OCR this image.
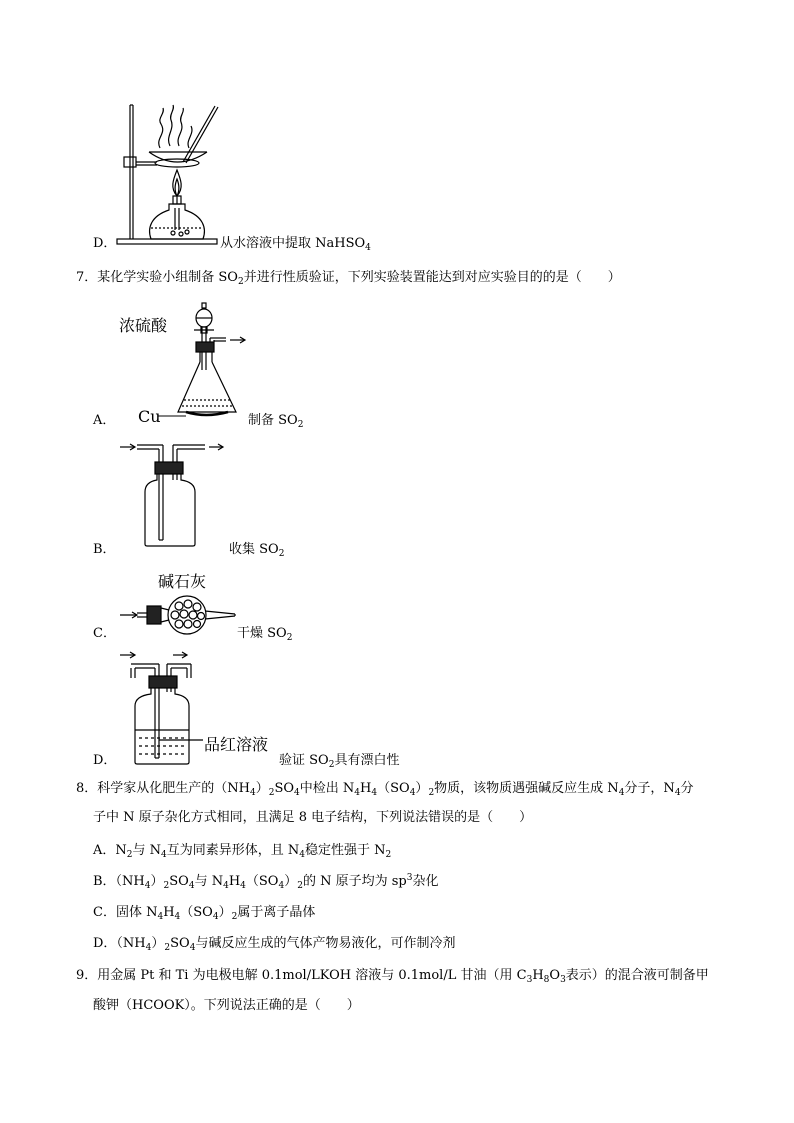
D．	从水溶液中提取 NaHSO$_4$
7．某化学实验小组制备 $SO_2$并进行性质验证，下列实验装置能达到对应实验目的的是（　　）
浓硫酸
Cu
A．	制备 $SO_2$
B．	收集 $SO_2$
碱石灰
C．	干燥 $SO_2$
品红溶液
D．	验证 $SO_2$具有漂白性
8．科学家从化肥生产的$(NH_4)_2SO_4$中检出 $N_4H_4(SO_4)_2$物质，该物质遇强碱反应生成 $N_4$分子，$N_4$分
子中 N 原子杂化方式相同，且满足 8 电子结构，下列说法错误的是（　　）
A．$N_2$与 $N_4$互为同素异形体，且 $N_4$稳定性强于 $N_2$
B．$(NH_4)_2SO_4$与 $N_4H_4(SO_4)_2$的 N 原子均为 $sp^3$杂化
C．固体 $N_4H_4(SO_4)_2$属于离子晶体
D．$(NH_4)_2SO_4$与碱反应生成的气体产物易液化，可作制冷剂
9．用金属 Pt 和 Ti 为电极电解 0.1mol/LKOH 溶液与 0.1mol/L 甘油（用 $C_3H_8O_3$表示）的混合液可制备甲
酸钾（HCOOK）。下列说法正确的是（　　）
